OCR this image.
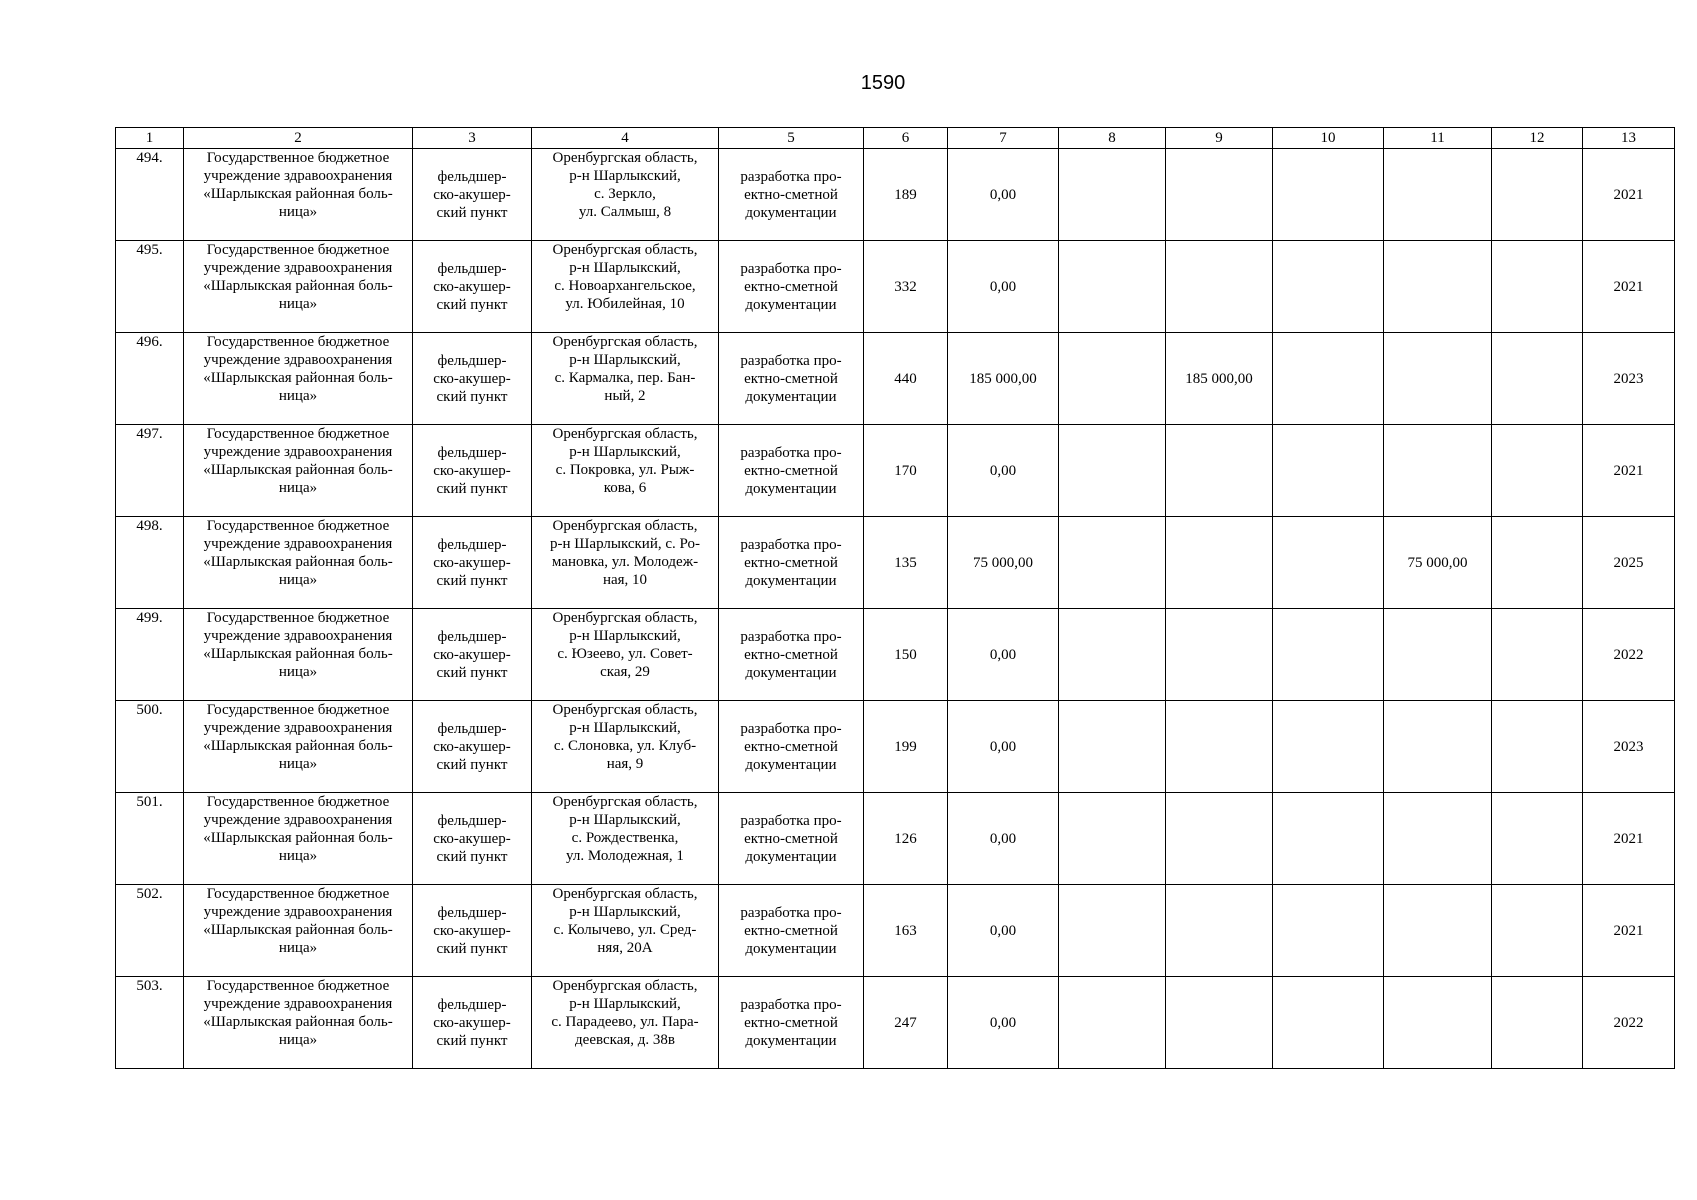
1590
1	2	3	4	5	6	7	8	9	10	11	12	13
494.	Государственное бюджетное
учреждение здравоохранения
«Шарлыкская районная боль-
ница»	фельдшер-
ско-акушер-
ский пункт	Оренбургская область,
р-н Шарлыкский,
с. Зеркло,
ул. Салмыш, 8	разработка про-
ектно-сметной
документации	189	0,00						2021
495.	Государственное бюджетное
учреждение здравоохранения
«Шарлыкская районная боль-
ница»	фельдшер-
ско-акушер-
ский пункт	Оренбургская область,
р-н Шарлыкский,
с. Новоархангельское,
ул. Юбилейная, 10	разработка про-
ектно-сметной
документации	332	0,00						2021
496.	Государственное бюджетное
учреждение здравоохранения
«Шарлыкская районная боль-
ница»	фельдшер-
ско-акушер-
ский пункт	Оренбургская область,
р-н Шарлыкский,
с. Кармалка, пер. Бан-
ный, 2	разработка про-
ектно-сметной
документации	440	185 000,00		185 000,00				2023
497.	Государственное бюджетное
учреждение здравоохранения
«Шарлыкская районная боль-
ница»	фельдшер-
ско-акушер-
ский пункт	Оренбургская область,
р-н Шарлыкский,
с. Покровка, ул. Рыж-
кова, 6	разработка про-
ектно-сметной
документации	170	0,00						2021
498.	Государственное бюджетное
учреждение здравоохранения
«Шарлыкская районная боль-
ница»	фельдшер-
ско-акушер-
ский пункт	Оренбургская область,
р-н Шарлыкский, с. Ро-
мановка, ул. Молодеж-
ная, 10	разработка про-
ектно-сметной
документации	135	75 000,00				75 000,00		2025
499.	Государственное бюджетное
учреждение здравоохранения
«Шарлыкская районная боль-
ница»	фельдшер-
ско-акушер-
ский пункт	Оренбургская область,
р-н Шарлыкский,
с. Юзеево, ул. Совет-
ская, 29	разработка про-
ектно-сметной
документации	150	0,00						2022
500.	Государственное бюджетное
учреждение здравоохранения
«Шарлыкская районная боль-
ница»	фельдшер-
ско-акушер-
ский пункт	Оренбургская область,
р-н Шарлыкский,
с. Слоновка, ул. Клуб-
ная, 9	разработка про-
ектно-сметной
документации	199	0,00						2023
501.	Государственное бюджетное
учреждение здравоохранения
«Шарлыкская районная боль-
ница»	фельдшер-
ско-акушер-
ский пункт	Оренбургская область,
р-н Шарлыкский,
с. Рождественка,
ул. Молодежная, 1	разработка про-
ектно-сметной
документации	126	0,00						2021
502.	Государственное бюджетное
учреждение здравоохранения
«Шарлыкская районная боль-
ница»	фельдшер-
ско-акушер-
ский пункт	Оренбургская область,
р-н Шарлыкский,
с. Колычево, ул. Сред-
няя, 20А	разработка про-
ектно-сметной
документации	163	0,00						2021
503.	Государственное бюджетное
учреждение здравоохранения
«Шарлыкская районная боль-
ница»	фельдшер-
ско-акушер-
ский пункт	Оренбургская область,
р-н Шарлыкский,
с. Парадеево, ул. Пара-
деевская, д. 38в	разработка про-
ектно-сметной
документации	247	0,00						2022
